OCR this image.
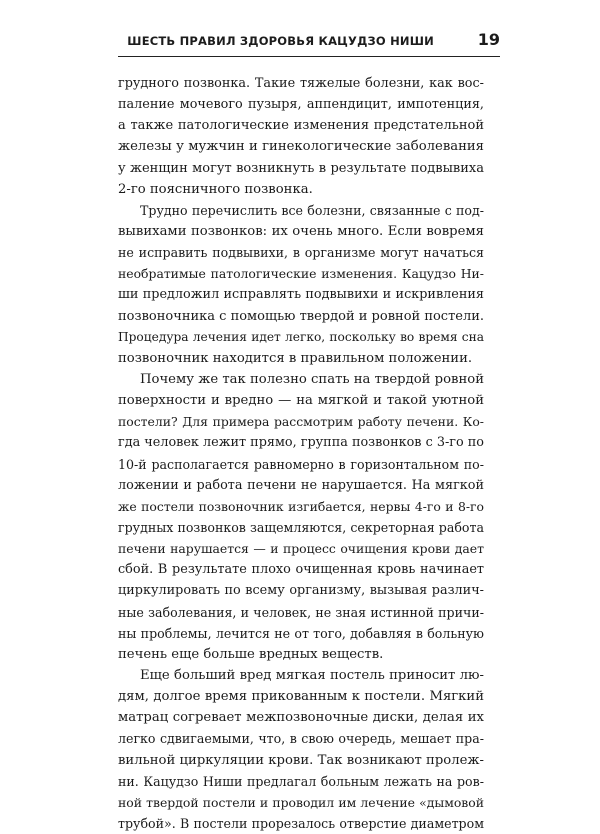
ШЕСТЬ ПРАВИЛ ЗДОРОВЬЯ КАЦУДЗО НИШИ	19
грудного позвонка. Такие тяжелые болезни, как вос-
паление мочевого пузыря, аппендицит, импотенция,
а также патологические изменения предстательной
железы у мужчин и гинекологические заболевания
у женщин могут возникнуть в результате подвывиха
2-го поясничного позвонка.
Трудно перечислить все болезни, связанные с под-
вывихами позвонков: их очень много. Если вовремя
не исправить подвывихи, в организме могут начаться
необратимые патологические изменения. Кацудзо Ни-
ши предложил исправлять подвывихи и искривления
позвоночника с помощью твердой и ровной постели.
Процедура лечения идет легко, поскольку во время сна
позвоночник находится в правильном положении.
Почему же так полезно спать на твердой ровной
поверхности и вредно — на мягкой и такой уютной
постели? Для примера рассмотрим работу печени. Ко-
гда человек лежит прямо, группа позвонков с 3-го по
10-й располагается равномерно в горизонтальном по-
ложении и работа печени не нарушается. На мягкой
же постели позвоночник изгибается, нервы 4-го и 8-го
грудных позвонков защемляются, секреторная работа
печени нарушается — и процесс очищения крови дает
сбой. В результате плохо очищенная кровь начинает
циркулировать по всему организму, вызывая различ-
ные заболевания, и человек, не зная истинной причи-
ны проблемы, лечится не от того, добавляя в больную
печень еще больше вредных веществ.
Еще больший вред мягкая постель приносит лю-
дям, долгое время прикованным к постели. Мягкий
матрац согревает межпозвоночные диски, делая их
легко сдвигаемыми, что, в свою очередь, мешает пра-
вильной циркуляции крови. Так возникают пролеж-
ни. Кацудзо Ниши предлагал больным лежать на ров-
ной твердой постели и проводил им лечение «дымовой
трубой». В постели прорезалось отверстие диаметром
